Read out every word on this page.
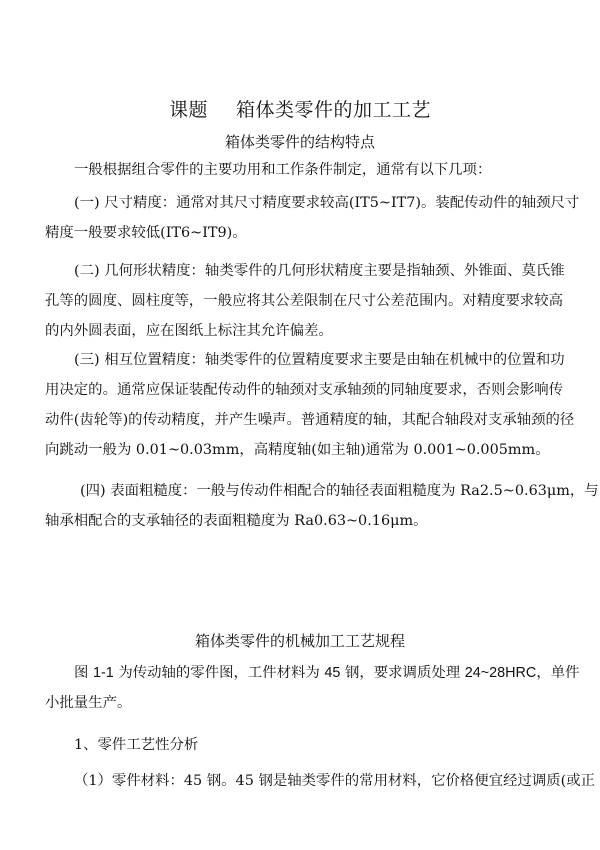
课题 箱体类零件的加工工艺
箱体类零件的结构特点

一般根据组合零件的主要功用和工作条件制定，通常有以下几项：

(一) 尺寸精度：通常对其尺寸精度要求较高(IT5~IT7)。装配传动件的轴颈尺寸
精度一般要求较低(IT6~IT9)。

(二) 几何形状精度：轴类零件的几何形状精度主要是指轴颈、外锥面、莫氏锥
孔等的圆度、圆柱度等，一般应将其公差限制在尺寸公差范围内。对精度要求较高
的内外圆表面，应在图纸上标注其允许偏差。

(三) 相互位置精度：轴类零件的位置精度要求主要是由轴在机械中的位置和功
用决定的。通常应保证装配传动件的轴颈对支承轴颈的同轴度要求，否则会影响传
动件(齿轮等)的传动精度，并产生噪声。普通精度的轴，其配合轴段对支承轴颈的径
向跳动一般为 0.01~0.03mm，高精度轴(如主轴)通常为 0.001~0.005mm。

(四) 表面粗糙度：一般与传动件相配合的轴径表面粗糙度为 Ra2.5~0.63μm，与
轴承相配合的支承轴径的表面粗糙度为 Ra0.63~0.16μm。

箱体类零件的机械加工工艺规程

图 1-1 为传动轴的零件图，工件材料为 45 钢，要求调质处理 24~28HRC，单件
小批量生产。

1、零件工艺性分析

（1）零件材料：45 钢。45 钢是轴类零件的常用材料，它价格便宜经过调质(或正
